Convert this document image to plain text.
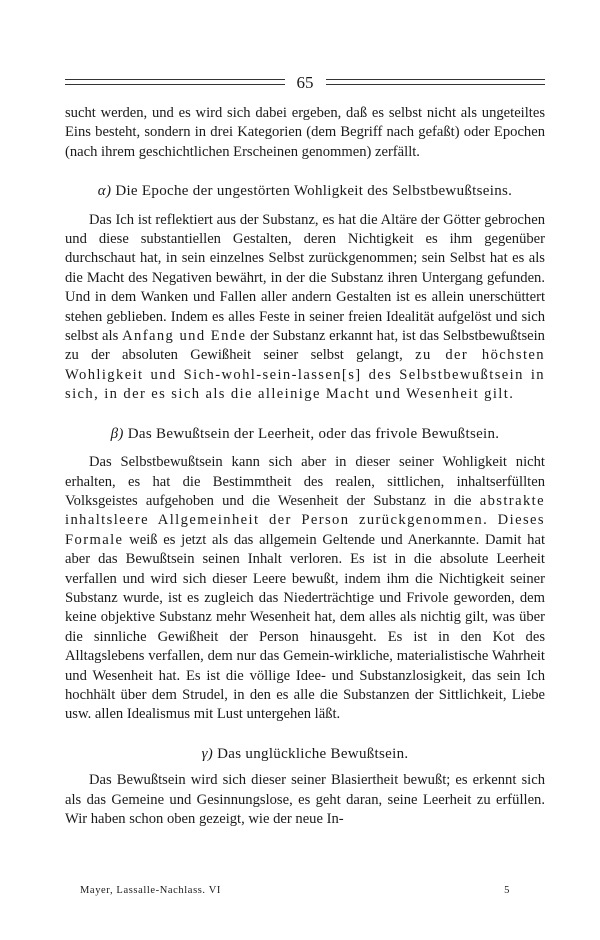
65

sucht werden, und es wird sich dabei ergeben, daß es selbst nicht als ungeteiltes Eins besteht, sondern in drei Kategorien (dem Begriff nach gefaßt) oder Epochen (nach ihrem geschichtlichen Erscheinen genommen) zerfällt.

α) Die Epoche der ungestörten Wohligkeit des Selbstbewußtseins.

Das Ich ist reflektiert aus der Substanz, es hat die Altäre der Götter gebrochen und diese substantiellen Gestalten, deren Nichtigkeit es ihm gegenüber durchschaut hat, in sein einzelnes Selbst zurückgenommen; sein Selbst hat es als die Macht des Negativen bewährt, in der die Substanz ihren Untergang gefunden. Und in dem Wanken und Fallen aller andern Gestalten ist es allein unerschüttert stehen geblieben. Indem es alles Feste in seiner freien Idealität aufgelöst und sich selbst als Anfang und Ende der Substanz erkannt hat, ist das Selbstbewußtsein zu der absoluten Gewißheit seiner selbst gelangt, zu der höchsten Wohligkeit und Sich-wohl-sein-lassen[s] des Selbstbewußtsein in sich, in der es sich als die alleinige Macht und Wesenheit gilt.

β) Das Bewußtsein der Leerheit, oder das frivole Bewußtsein.

Das Selbstbewußtsein kann sich aber in dieser seiner Wohligkeit nicht erhalten, es hat die Bestimmtheit des realen, sittlichen, inhaltserfüllten Volksgeistes aufgehoben und die Wesenheit der Substanz in die abstrakte inhaltsleere Allgemeinheit der Person zurückgenommen. Dieses Formale weiß es jetzt als das allgemein Geltende und Anerkannte. Damit hat aber das Bewußtsein seinen Inhalt verloren. Es ist in die absolute Leerheit verfallen und wird sich dieser Leere bewußt, indem ihm die Nichtigkeit seiner Substanz wurde, ist es zugleich das Niederträchtige und Frivole geworden, dem keine objektive Substanz mehr Wesenheit hat, dem alles als nichtig gilt, was über die sinnliche Gewißheit der Person hinausgeht. Es ist in den Kot des Alltagslebens verfallen, dem nur das Gemein-wirkliche, materialistische Wahrheit und Wesenheit hat. Es ist die völlige Idee- und Substanzlosigkeit, das sein Ich hochhält über dem Strudel, in den es alle die Substanzen der Sittlichkeit, Liebe usw. allen Idealismus mit Lust untergehen läßt.

γ) Das unglückliche Bewußtsein.

Das Bewußtsein wird sich dieser seiner Blasiertheit bewußt; es erkennt sich als das Gemeine und Gesinnungslose, es geht daran, seine Leerheit zu erfüllen. Wir haben schon oben gezeigt, wie der neue In-

Mayer, Lassalle-Nachlass. VI	5
